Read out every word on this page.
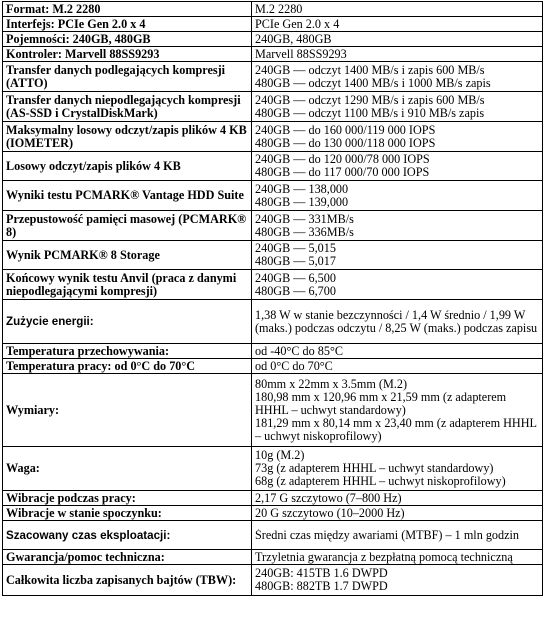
Format: M.2 2280	M.2 2280

Interfejs: PCIe Gen 2.0 x 4	PCIe Gen 2.0 x 4

Pojemności: 240GB, 480GB	240GB, 480GB

Kontroler: Marvell 88SS9293	Marvell 88SS9293

Transfer danych podlegających kompresji (ATTO)	240GB — odczyt 1400 MB/s i zapis 600 MB/s
480GB — odczyt 1400 MB/s i 1000 MB/s zapis

Transfer danych niepodlegających kompresji (AS-SSD i CrystalDiskMark)	240GB — odczyt 1290 MB/s i zapis 600 MB/s
480GB — odczyt 1100 MB/s i 910 MB/s zapis

Maksymalny losowy odczyt/zapis plików 4 KB (IOMETER)	240GB — do 160 000/119 000 IOPS
480GB — do 130 000/118 000 IOPS

Losowy odczyt/zapis plików 4 KB	240GB — do 120 000/78 000 IOPS
480GB — do 117 000/70 000 IOPS

Wyniki testu PCMARK® Vantage HDD Suite	240GB — 138,000
480GB — 139,000

Przepustowość pamięci masowej (PCMARK® 8)	240GB — 331MB/s
480GB — 336MB/s

Wynik PCMARK® 8 Storage	240GB — 5,015
480GB — 5,017

Końcowy wynik testu Anvil (praca z danymi niepodlegającymi kompresji)	240GB — 6,500
480GB — 6,700

Zużycie energii:	1,38 W w stanie bezczynności / 1,4 W średnio / 1,99 W (maks.) podczas odczytu / 8,25 W (maks.) podczas zapisu

Temperatura przechowywania:	od -40°C do 85°C

Temperatura pracy: od 0°C do 70°C	od 0°C do 70°C

Wymiary:	80mm x 22mm x 3.5mm (M.2)
180,98 mm x 120,96 mm x 21,59 mm (z adapterem HHHL – uchwyt standardowy)
181,29 mm x 80,14 mm x 23,40 mm (z adapterem HHHL – uchwyt niskoprofilowy)

Waga:	10g (M.2)
73g (z adapterem HHHL – uchwyt standardowy)
68g (z adapterem HHHL – uchwyt niskoprofilowy)

Wibracje podczas pracy:	2,17 G szczytowo (7–800 Hz)

Wibracje w stanie spoczynku:	20 G szczytowo (10–2000 Hz)

Szacowany czas eksploatacji:	Średni czas między awariami (MTBF) – 1 mln godzin

Gwarancja/pomoc techniczna:	Trzyletnia gwarancja z bezpłatną pomocą techniczną

Całkowita liczba zapisanych bajtów (TBW):	240GB: 415TB 1.6 DWPD
480GB: 882TB 1.7 DWPD
